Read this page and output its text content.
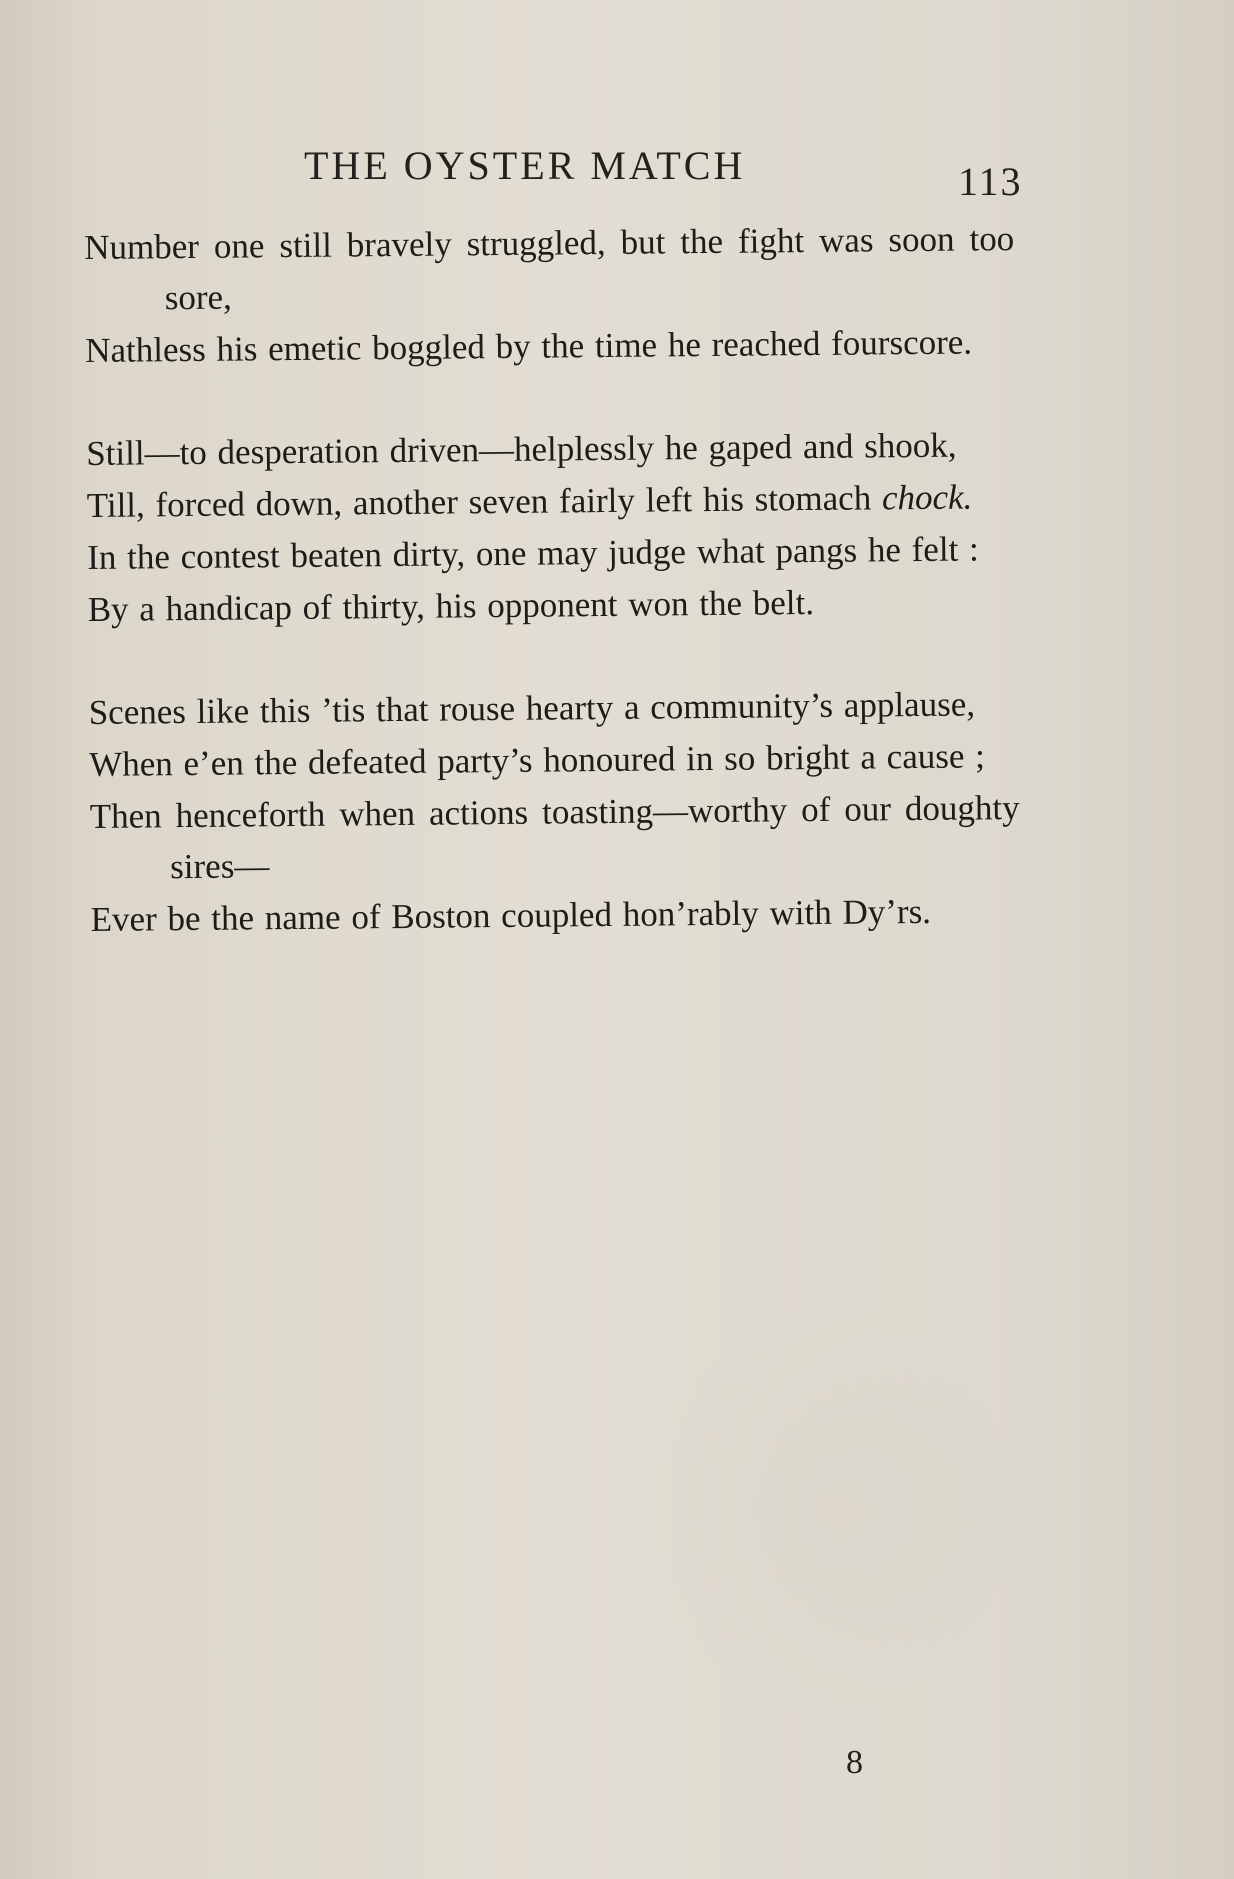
THE OYSTER MATCH	113
Number one still bravely struggled, but the fight was soon too sore,
Nathless his emetic boggled by the time he reached fourscore.
Still—to desperation driven—helplessly he gaped and shook,
Till, forced down, another seven fairly left his stomach chock.
In the contest beaten dirty, one may judge what pangs he felt :
By a handicap of thirty, his opponent won the belt.
Scenes like this ’tis that rouse hearty a community’s applause,
When e’en the defeated party’s honoured in so bright a cause ;
Then henceforth when actions toasting—worthy of our doughty sires—
Ever be the name of Boston coupled hon’rably with Dy’rs.
8
